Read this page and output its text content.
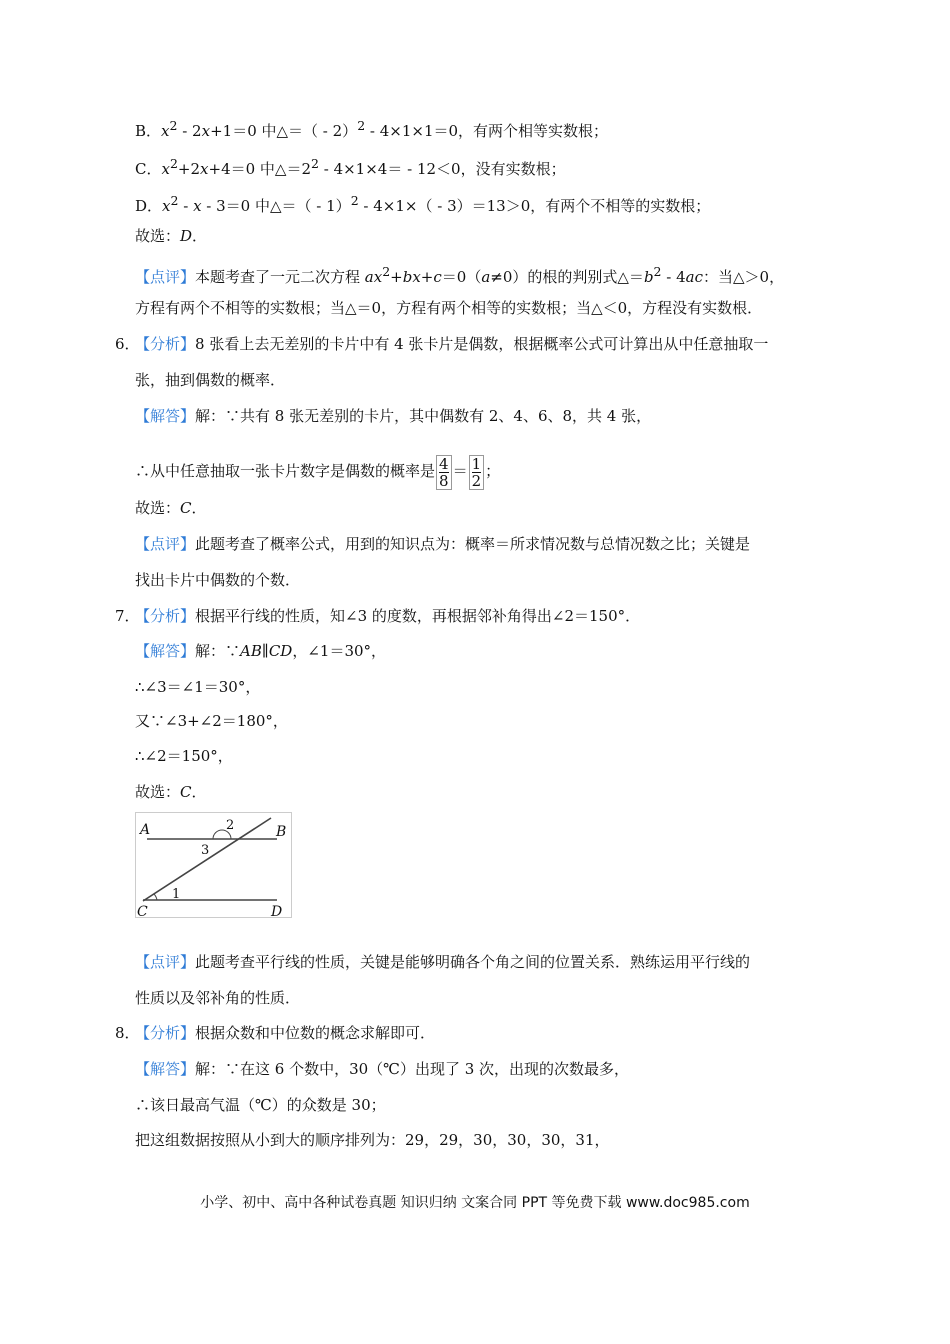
B．$x^2 - 2x+1=0$ 中△＝（ - 2）$^2$ - 4×1×1＝0，有两个相等实数根；
C．$x^2+2x+4=0$ 中$\triangle=2^2 - 4\times 1\times 4= - 12<0$，没有实数根；
D．$x^2 - x - 3=0$ 中△＝（ - 1）$^2$ - 4×1×（ - 3）＝13＞0，有两个不相等的实数根；
故选：D．
【点评】本题考查了一元二次方程 $ax^2+bx+c=0(a\ne 0)$的根的判别式$\triangle=b^2 - 4ac$：当△＞0，
方程有两个不相等的实数根；当△＝0，方程有两个相等的实数根；当△＜0，方程没有实数根．
6．
【分析】8 张看上去无差别的卡片中有 4 张卡片是偶数，根据概率公式可计算出从中任意抽取一
张，抽到偶数的概率．
【解答】解：∵共有 8 张无差别的卡片，其中偶数有 2、4、6、8，共 4 张，
∴从中任意抽取一张卡片数字是偶数的概率是 $\frac{4}{8} = \frac{1}{2}$ ；
故选：C．
【点评】此题考查了概率公式，用到的知识点为：概率＝所求情况数与总情况数之比；关键是
找出卡片中偶数的个数．
7．
【分析】根据平行线的性质，知∠3 的度数，再根据邻补角得出∠2＝150°．
【解答】解：∵AB∥CD，∠1＝30°，
∴∠3＝∠1＝30°，
又∵∠3+∠2＝180°，
∴∠2＝150°，
故选：C．
A	B
C	D
2
3
1
【点评】此题考查平行线的性质，关键是能够明确各个角之间的位置关系．熟练运用平行线的
性质以及邻补角的性质．
8．
【分析】根据众数和中位数的概念求解即可．
【解答】解：∵在这 6 个数中，30（℃）出现了 3 次，出现的次数最多，
∴该日最高气温（℃）的众数是 30；
把这组数据按照从小到大的顺序排列为：29，29，30，30，30，31，
小学、初中、高中各种试卷真题 知识归纳 文案合同 PPT 等免费下载 www.doc985.com
